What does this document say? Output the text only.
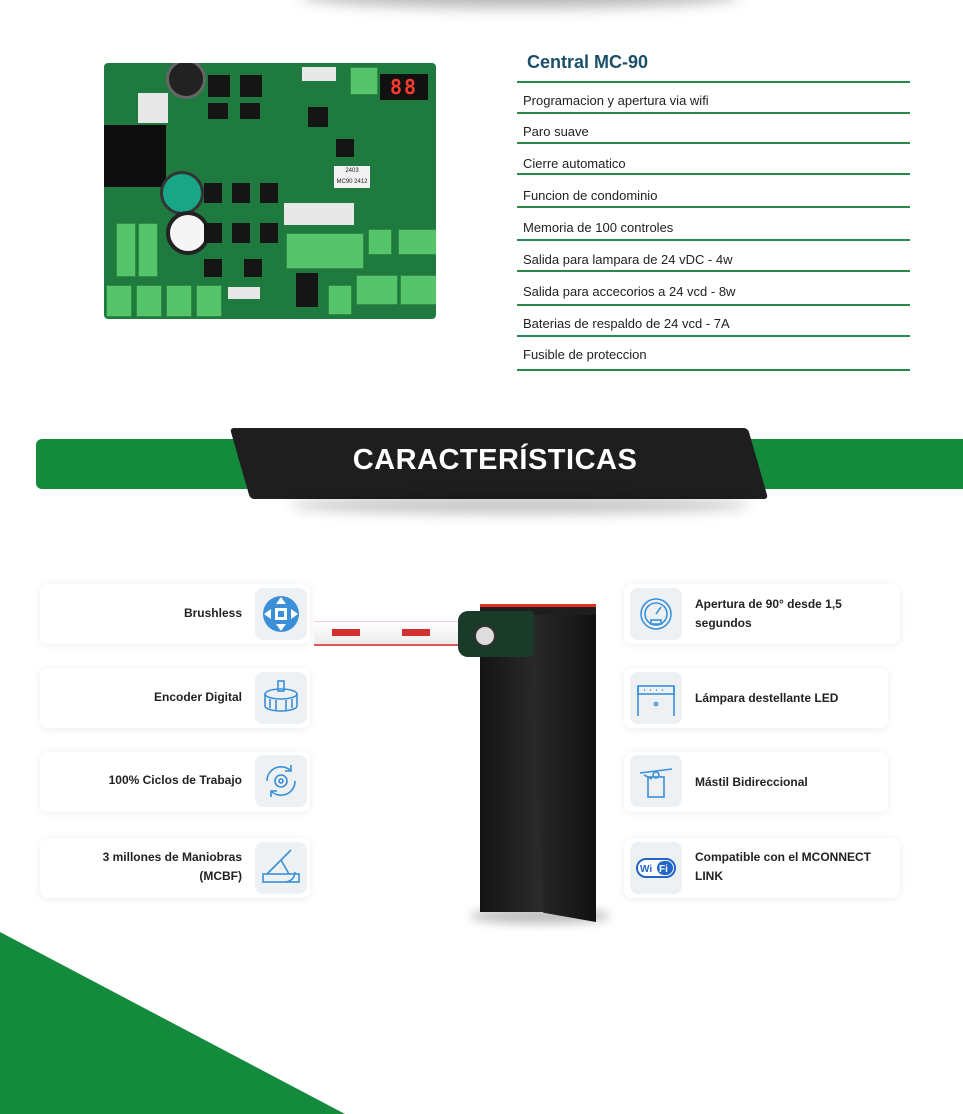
88
2403
MC90 2412
Central MC-90
Programacion y apertura via wifi
Paro suave
Cierre automatico
Funcion de condominio
Memoria de 100 controles
Salida para lampara de 24 vDC - 4w
Salida para accecorios a 24 vcd - 8w
Baterias de respaldo de 24 vcd - 7A
Fusible de proteccion
CARACTERÍSTICAS
Brushless
Encoder Digital
100% Ciclos de Trabajo
3 millones de Maniobras
(MCBF)
Apertura de 90° desde 1,5
segundos
Lámpara destellante LED
Mástil Bidireccional
Wi Fi
Compatible con el MCONNECT
LINK
